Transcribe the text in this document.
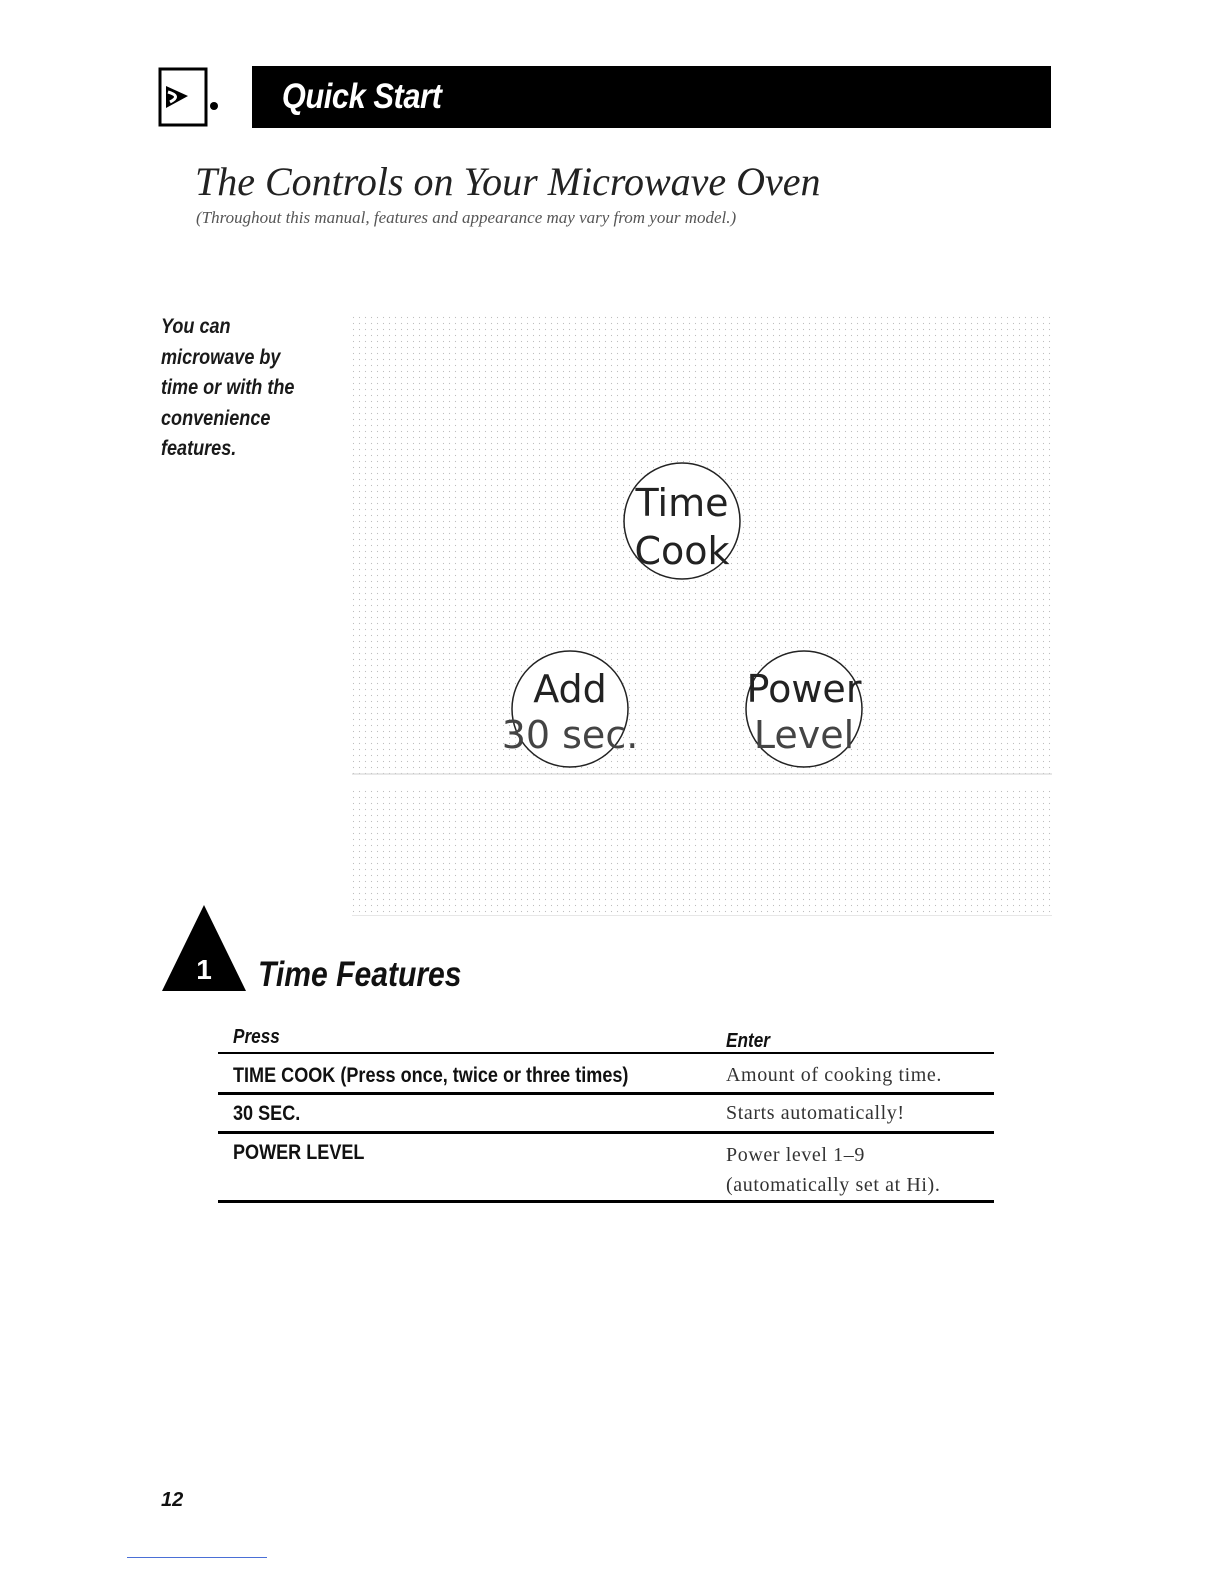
Quick Start
The Controls on Your Microwave Oven
(Throughout this manual, features and appearance may vary from your model.)
You can microwave by time or with the convenience features.
Time
Cook
Add
30 sec.
Power
Level
1 Time Features
Press	Enter
TIME COOK (Press once, twice or three times)	Amount of cooking time.
30 SEC.	Starts automatically!
POWER LEVEL	Power level 1–9
(automatically set at Hi).
12
